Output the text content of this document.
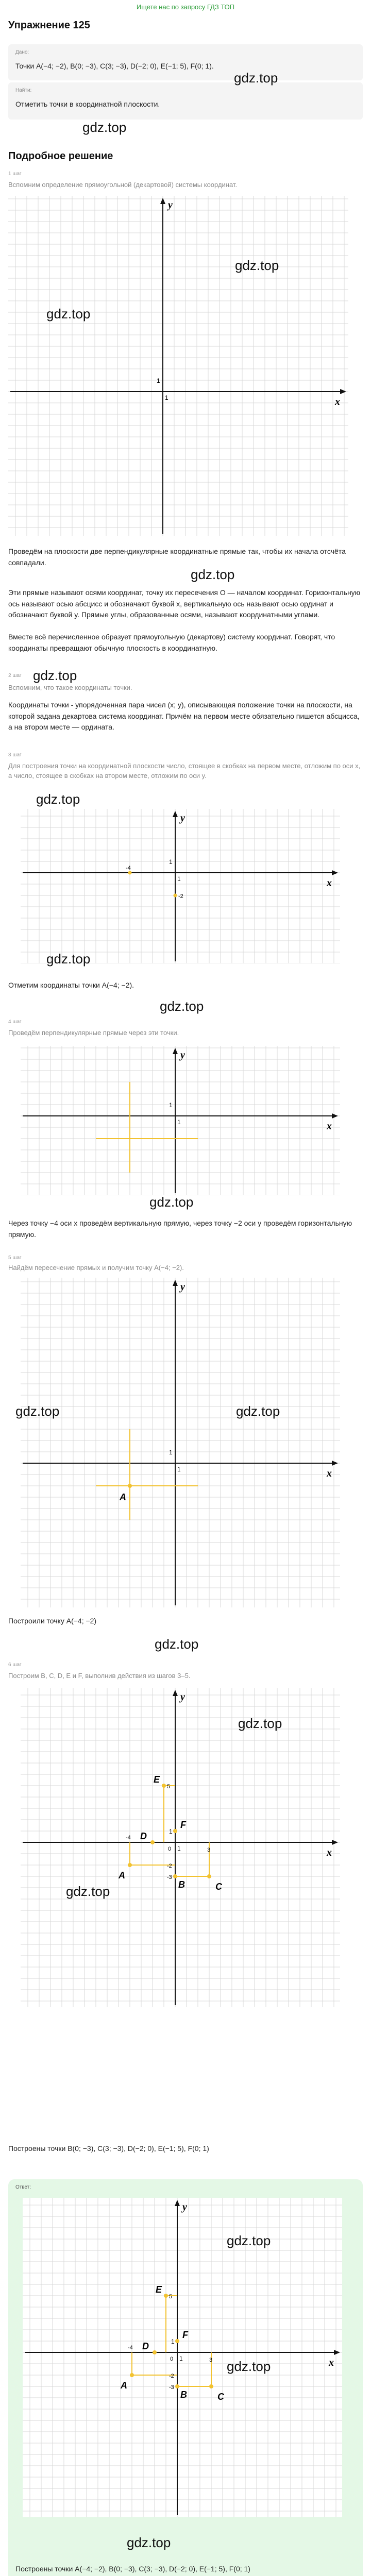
Ищете нас по запросу ГДЗ ТОП
Упражнение 125
Дано:
Точки A(−4; −2), B(0; −3), C(3; −3), D(−2; 0), E(−1; 5), F(0; 1).
Найти:
Отметить точки в координатной плоскости.
gdz.top
gdz.top
Подробное решение
1 шаг
Вспомним определение прямоугольной (декартовой) системы координат.
x
y
1
1
gdz.top
gdz.top
Проведём на плоскости две перпендикулярные координатные прямые так, чтобы их начала отсчёта совпадали.
gdz.top
Эти прямые называют осями координат, точку их пересечения O — началом координат. Горизонтальную ось называют осью абсцисс и обозначают буквой x, вертикальную ось называют осью ординат и обозначают буквой y. Прямые углы, образованные осями, называют координатными углами.
Вместе всё перечисленное образует прямоугольную (декартову) систему координат. Говорят, что координаты превращают обычную плоскость в координатную.
2 шаг
Вспомним, что такое координаты точки.
gdz.top
Координаты точки - упорядоченная пара чисел (x; y), описывающая положение точки на плоскости, на которой задана декартова система координат. Причём на первом месте обязательно пишется абсцисса, а на втором месте — ордината.
3 шаг
Для построения точки на координатной плоскости число, стоящее в скобках на первом месте, отложим по оси x, а число, стоящее в скобках на втором месте, отложим по оси y.
gdz.top
x
y
1
1
-4
-2
gdz.top
Отметим координаты точки A(−4; −2).
gdz.top
4 шаг
Проведём перпендикулярные прямые через эти точки.
x
y
1
1
gdz.top
Через точку −4 оси x проведём вертикальную прямую, через точку −2 оси y проведём горизонтальную прямую.
5 шаг
Найдём пересечение прямых и получим точку A(−4; −2).
x
y
1
1
A
gdz.top	gdz.top
Построили точку A(−4; −2)
gdz.top
6 шаг
Построим B, C, D, E и F, выполнив действия из шагов 3–5.
x
y
1
1
A
B	C
D
E
F
-4
3
-2
-3
5
0
gdz.top
gdz.top
Построены точки B(0; −3), C(3; −3), D(−2; 0), E(−1; 5), F(0; 1)
Ответ:
x
y
1
1
A
B	C
D
E
F
-4
3
-2
-3
5
0
gdz.top
gdz.top
gdz.top
Построены точки A(−4; −2), B(0; −3), C(3; −3), D(−2; 0), E(−1; 5), F(0; 1)
